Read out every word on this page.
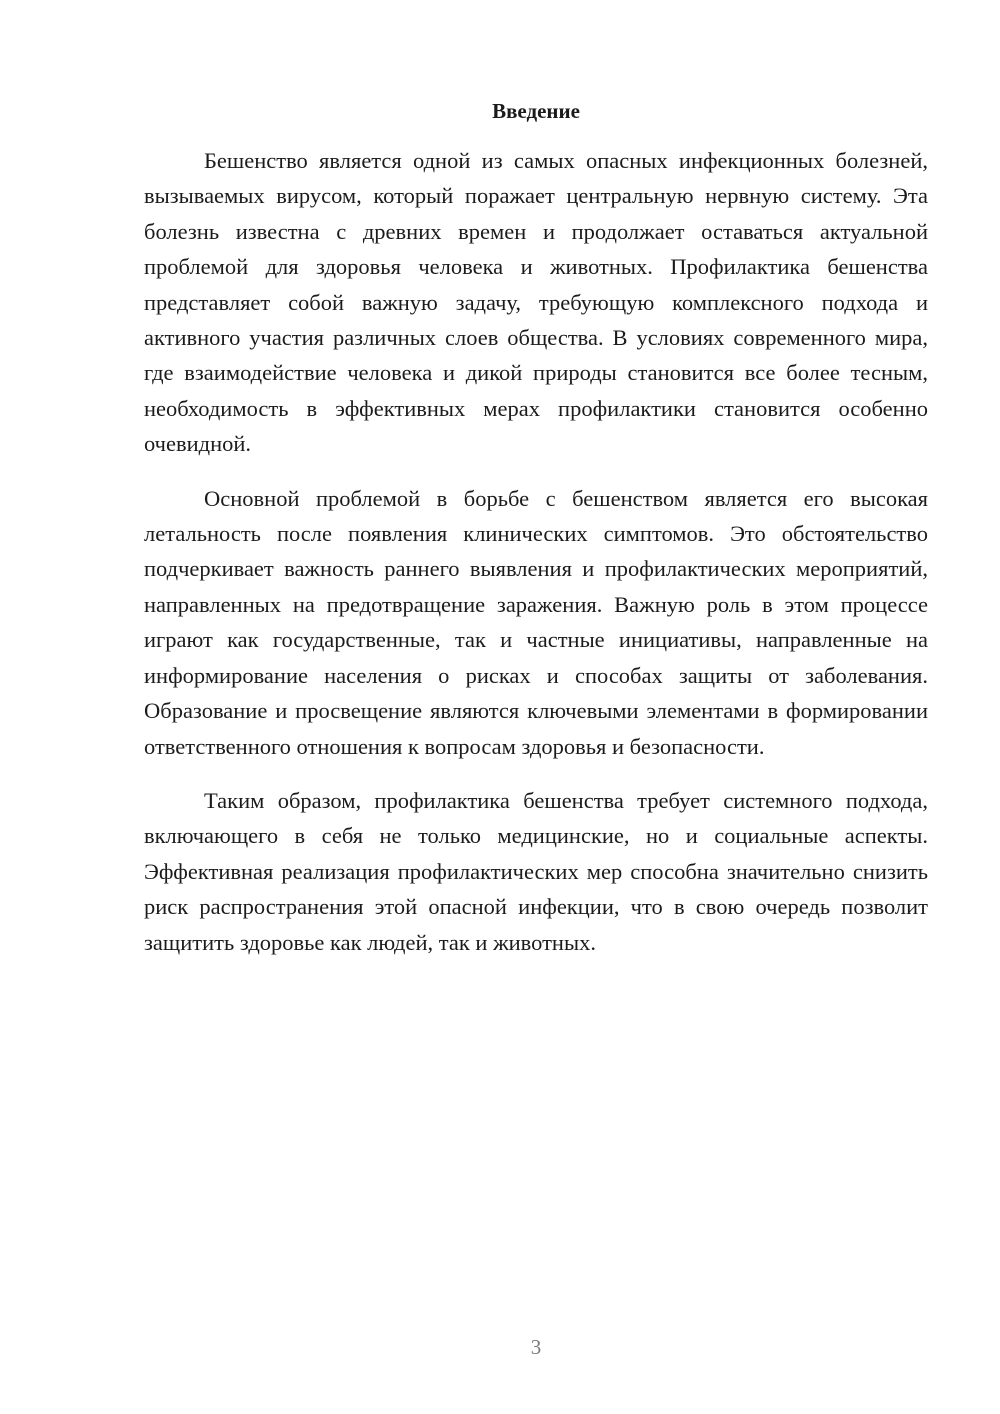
Введение

Бешенство является одной из самых опасных инфекционных болезней, вызываемых вирусом, который поражает центральную нервную систему. Эта болезнь известна с древних времен и продолжает оставаться актуальной проблемой для здоровья человека и животных. Профилактика бешенства представляет собой важную задачу, требующую комплексного подхода и активного участия различных слоев общества. В условиях современного мира, где взаимодействие человека и дикой природы становится все более тесным, необходимость в эффективных мерах профилактики становится особенно очевидной.

Основной проблемой в борьбе с бешенством является его высокая летальность после появления клинических симптомов. Это обстоятельство подчеркивает важность раннего выявления и профилактических мероприятий, направленных на предотвращение заражения. Важную роль в этом процессе играют как государственные, так и частные инициативы, направленные на информирование населения о рисках и способах защиты от заболевания. Образование и просвещение являются ключевыми элементами в формировании ответственного отношения к вопросам здоровья и безопасности.

Таким образом, профилактика бешенства требует системного подхода, включающего в себя не только медицинские, но и социальные аспекты. Эффективная реализация профилактических мер способна значительно снизить риск распространения этой опасной инфекции, что в свою очередь позволит защитить здоровье как людей, так и животных.

3
